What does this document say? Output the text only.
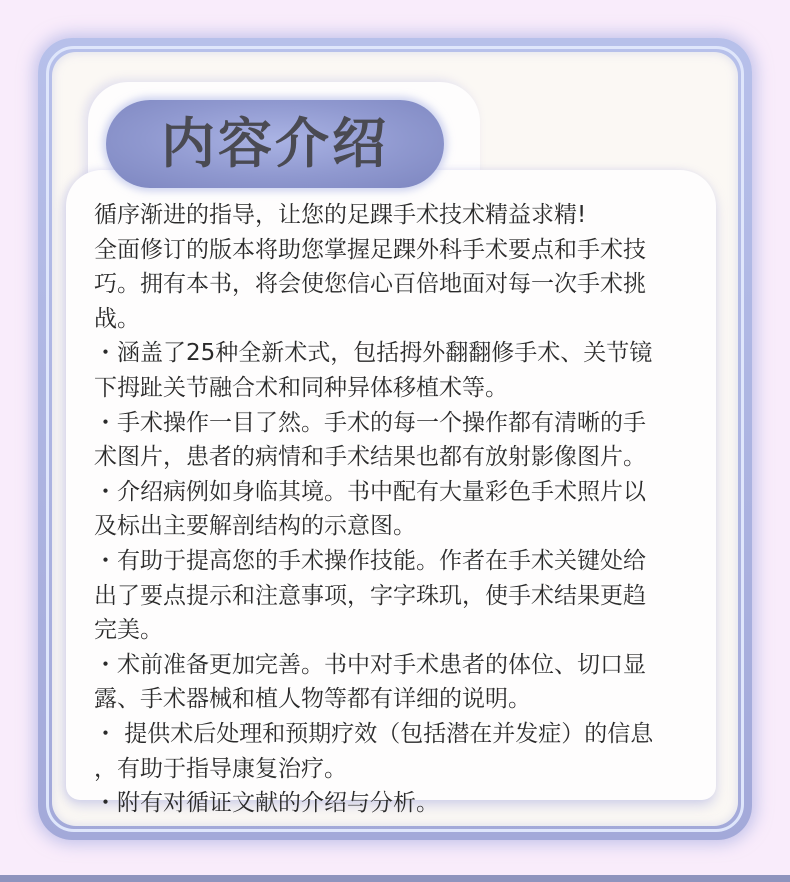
内容介绍
循序渐进的指导，让您的足踝手术技术精益求精!
全面修订的版本将助您掌握足踝外科手术要点和手术技
巧。拥有本书，将会使您信心百倍地面对每一次手术挑
战。
・涵盖了25种全新术式，包括拇外翻翻修手术、关节镜
下拇趾关节融合术和同种异体移植术等。
・手术操作一目了然。手术的每一个操作都有清晰的手
术图片，患者的病情和手术结果也都有放射影像图片。
・介绍病例如身临其境。书中配有大量彩色手术照片以
及标出主要解剖结构的示意图。
・有助于提高您的手术操作技能。作者在手术关键处给
出了要点提示和注意事项，字字珠玑，使手术结果更趋
完美。
・术前准备更加完善。书中对手术患者的体位、切口显
露、手术器械和植人物等都有详细的说明。
・ 提供术后处理和预期疗效（包括潜在并发症）的信息
，有助于指导康复治疗。
・附有对循证文献的介绍与分析。
